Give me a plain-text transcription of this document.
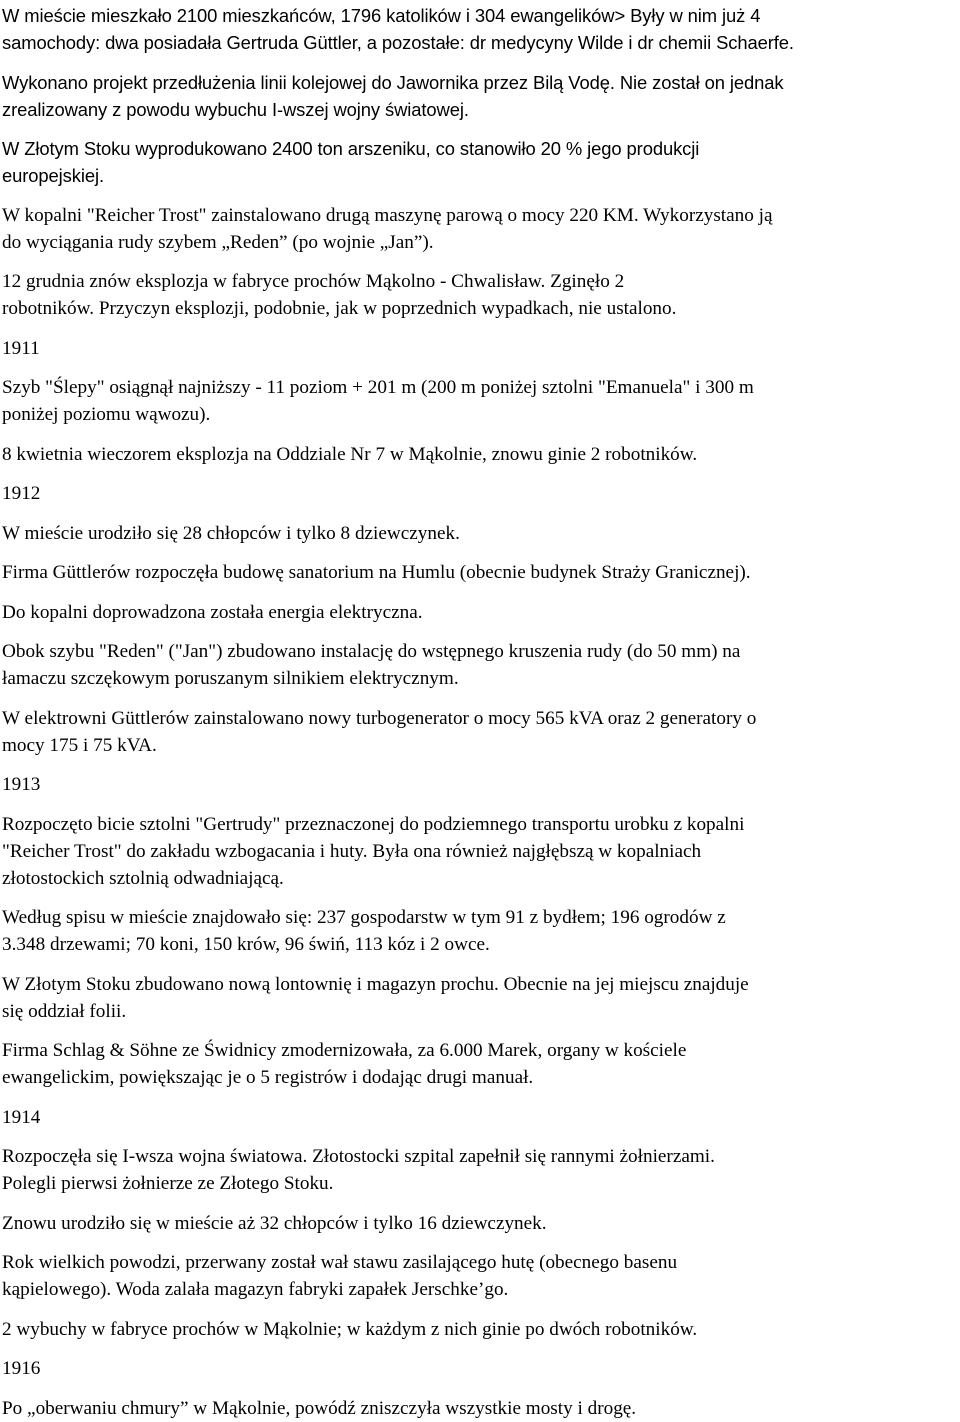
W mieście mieszkało 2100 mieszkańców, 1796 katolików i 304 ewangelików> Były w nim już 4
samochody: dwa posiadała Gertruda Güttler, a pozostałe: dr medycyny Wilde i dr chemii Schaerfe.

Wykonano projekt przedłużenia linii kolejowej do Jawornika przez Bilą Vodę. Nie został on jednak
zrealizowany z powodu wybuchu I-wszej wojny światowej.

W Złotym Stoku wyprodukowano 2400 ton arszeniku, co stanowiło 20 % jego produkcji
europejskiej.

W kopalni "Reicher Trost" zainstalowano drugą maszynę parową o mocy 220 KM. Wykorzystano ją
do wyciągania rudy szybem „Reden” (po wojnie „Jan”).

12 grudnia znów eksplozja w fabryce prochów Mąkolno - Chwalisław. Zginęło 2
robotników. Przyczyn eksplozji, podobnie, jak w poprzednich wypadkach, nie ustalono.

1911

Szyb "Ślepy" osiągnął najniższy - 11 poziom + 201 m (200 m poniżej sztolni "Emanuela" i 300 m
poniżej poziomu wąwozu).

8 kwietnia wieczorem eksplozja na Oddziale Nr 7 w Mąkolnie, znowu ginie 2 robotników.

1912

W mieście urodziło się 28 chłopców i tylko 8 dziewczynek.

Firma Güttlerów rozpoczęła budowę sanatorium na Humlu (obecnie budynek Straży Granicznej).

Do kopalni doprowadzona została energia elektryczna.

Obok szybu "Reden" ("Jan") zbudowano instalację do wstępnego kruszenia rudy (do 50 mm) na
łamaczu szczękowym poruszanym silnikiem elektrycznym.

W elektrowni Güttlerów zainstalowano nowy turbogenerator o mocy 565 kVA oraz 2 generatory o
mocy 175 i 75 kVA.

1913

Rozpoczęto bicie sztolni "Gertrudy" przeznaczonej do podziemnego transportu urobku z kopalni
"Reicher Trost" do zakładu wzbogacania i huty. Była ona również najgłębszą w kopalniach
złotostockich sztolnią odwadniającą.

Według spisu w mieście znajdowało się: 237 gospodarstw w tym 91 z bydłem; 196 ogrodów z
3.348 drzewami; 70 koni, 150 krów, 96 świń, 113 kóz i 2 owce.

W Złotym Stoku zbudowano nową lontownię i magazyn prochu. Obecnie na jej miejscu znajduje
się oddział folii.

Firma Schlag & Söhne ze Świdnicy zmodernizowała, za 6.000 Marek, organy w kościele
ewangelickim, powiększając je o 5 registrów i dodając drugi manuał.

1914

Rozpoczęła się I-wsza wojna światowa. Złotostocki szpital zapełnił się rannymi żołnierzami.
Polegli pierwsi żołnierze ze Złotego Stoku.

Znowu urodziło się w mieście aż 32 chłopców i tylko 16 dziewczynek.

Rok wielkich powodzi, przerwany został wał stawu zasilającego hutę (obecnego basenu
kąpielowego). Woda zalała magazyn fabryki zapałek Jerschke’go.

2 wybuchy w fabryce prochów w Mąkolnie; w każdym z nich ginie po dwóch robotników.

1916

Po „oberwaniu chmury” w Mąkolnie, powódź zniszczyła wszystkie mosty i drogę.
